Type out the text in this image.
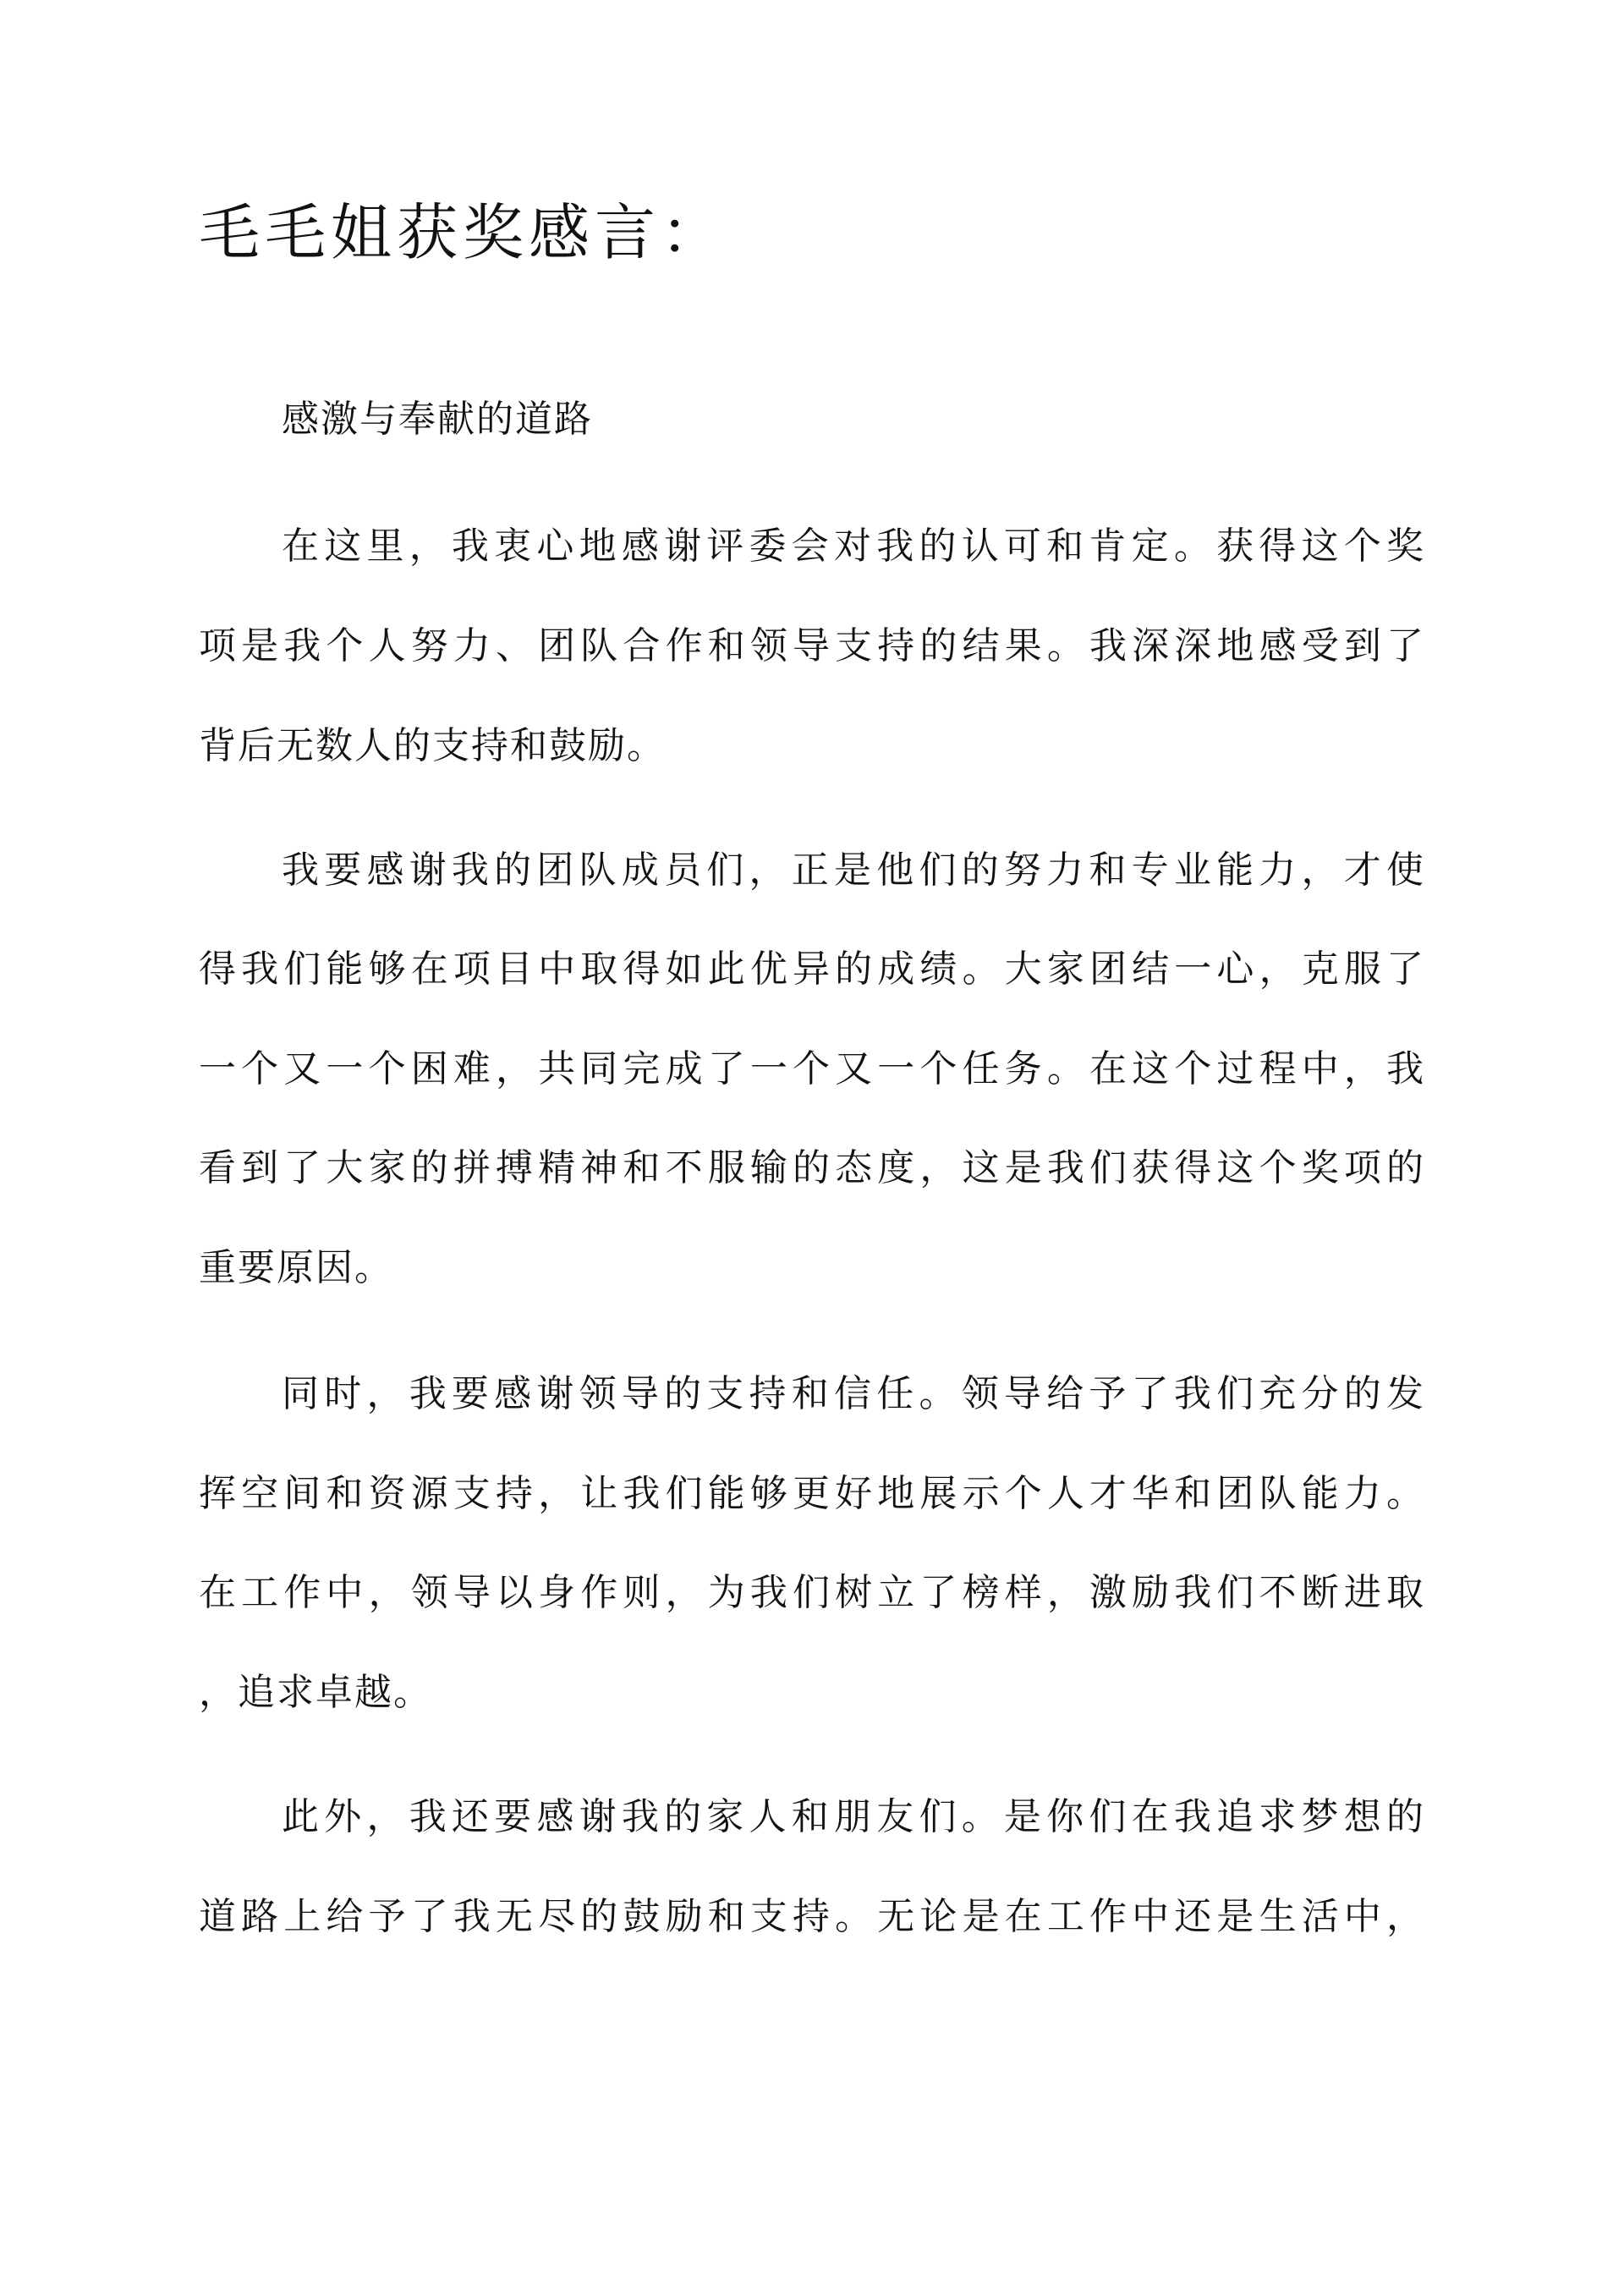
毛毛姐获奖感言：

感激与奉献的道路

在这里，我衷心地感谢评委会对我的认可和肯定。获得这个奖

项是我个人努力、团队合作和领导支持的结果。我深深地感受到了

背后无数人的支持和鼓励。

我要感谢我的团队成员们，正是他们的努力和专业能力，才使

得我们能够在项目中取得如此优异的成绩。大家团结一心，克服了

一个又一个困难，共同完成了一个又一个任务。在这个过程中，我

看到了大家的拼搏精神和不服输的态度，这是我们获得这个奖项的

重要原因。

同时，我要感谢领导的支持和信任。领导给予了我们充分的发

挥空间和资源支持，让我们能够更好地展示个人才华和团队能力。

在工作中，领导以身作则，为我们树立了榜样，激励我们不断进取

，追求卓越。

此外，我还要感谢我的家人和朋友们。是你们在我追求梦想的

道路上给予了我无尽的鼓励和支持。无论是在工作中还是生活中，
